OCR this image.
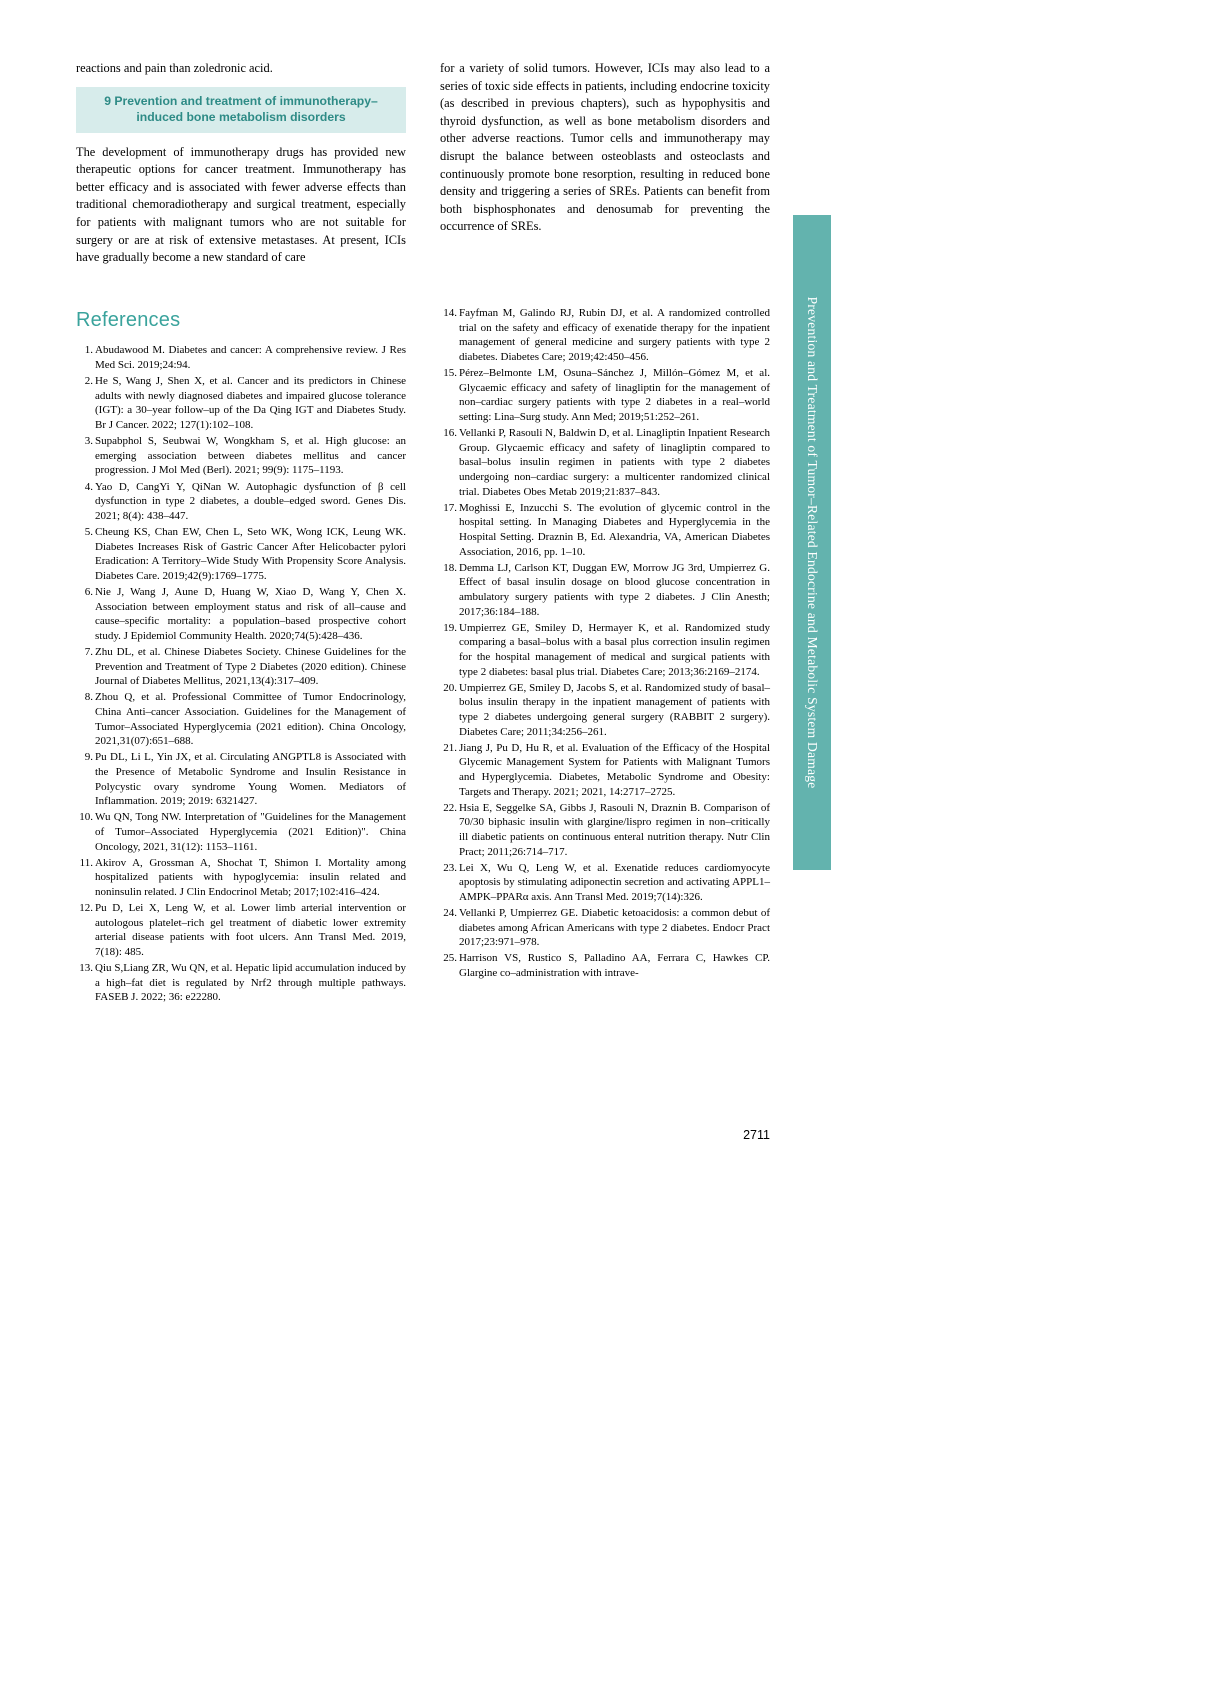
reactions and pain than zoledronic acid.

9 Prevention and treatment of immunotherapy–induced bone metabolism disorders

The development of immunotherapy drugs has provided new therapeutic options for cancer treatment. Immunotherapy has better efficacy and is associated with fewer adverse effects than traditional chemoradiotherapy and surgical treatment, especially for patients with malignant tumors who are not suitable for surgery or are at risk of extensive metastases. At present, ICIs have gradually become a new standard of care

for a variety of solid tumors. However, ICIs may also lead to a series of toxic side effects in patients, including endocrine toxicity (as described in previous chapters), such as hypophysitis and thyroid dysfunction, as well as bone metabolism disorders and other adverse reactions. Tumor cells and immunotherapy may disrupt the balance between osteoblasts and osteoclasts and continuously promote bone resorption, resulting in reduced bone density and triggering a series of SREs. Patients can benefit from both bisphosphonates and denosumab for preventing the occurrence of SREs.

References
1. Abudawood M. Diabetes and cancer: A comprehensive review. J Res Med Sci. 2019;24:94.
2. He S, Wang J, Shen X, et al. Cancer and its predictors in Chinese adults with newly diagnosed diabetes and impaired glucose tolerance (IGT): a 30–year follow–up of the Da Qing IGT and Diabetes Study. Br J Cancer. 2022; 127(1):102–108.
3. Supabphol S, Seubwai W, Wongkham S, et al. High glucose: an emerging association between diabetes mellitus and cancer progression. J Mol Med (Berl). 2021; 99(9): 1175–1193.
4. Yao D, CangYi Y, QiNan W. Autophagic dysfunction of β cell dysfunction in type 2 diabetes, a double–edged sword. Genes Dis. 2021; 8(4): 438–447.
5. Cheung KS, Chan EW, Chen L, Seto WK, Wong ICK, Leung WK. Diabetes Increases Risk of Gastric Cancer After Helicobacter pylori Eradication: A Territory–Wide Study With Propensity Score Analysis. Diabetes Care. 2019;42(9):1769–1775.
6. Nie J, Wang J, Aune D, Huang W, Xiao D, Wang Y, Chen X. Association between employment status and risk of all–cause and cause–specific mortality: a population–based prospective cohort study. J Epidemiol Community Health. 2020;74(5):428–436.
7. Zhu DL, et al. Chinese Diabetes Society. Chinese Guidelines for the Prevention and Treatment of Type 2 Diabetes (2020 edition). Chinese Journal of Diabetes Mellitus, 2021,13(4):317–409.
8. Zhou Q, et al. Professional Committee of Tumor Endocrinology, China Anti–cancer Association. Guidelines for the Management of Tumor–Associated Hyperglycemia (2021 edition). China Oncology, 2021,31(07):651–688.
9. Pu DL, Li L, Yin JX, et al. Circulating ANGPTL8 is Associated with the Presence of Metabolic Syndrome and Insulin Resistance in Polycystic ovary syndrome Young Women. Mediators of Inflammation. 2019; 2019: 6321427.
10. Wu QN, Tong NW. Interpretation of "Guidelines for the Management of Tumor–Associated Hyperglycemia (2021 Edition)". China Oncology, 2021, 31(12): 1153–1161.
11. Akirov A, Grossman A, Shochat T, Shimon I. Mortality among hospitalized patients with hypoglycemia: insulin related and noninsulin related. J Clin Endocrinol Metab; 2017;102:416–424.
12. Pu D, Lei X, Leng W, et al. Lower limb arterial intervention or autologous platelet–rich gel treatment of diabetic lower extremity arterial disease patients with foot ulcers. Ann Transl Med. 2019, 7(18): 485.
13. Qiu S,Liang ZR, Wu QN, et al. Hepatic lipid accumulation induced by a high–fat diet is regulated by Nrf2 through multiple pathways. FASEB J. 2022; 36: e22280.
14. Fayfman M, Galindo RJ, Rubin DJ, et al. A randomized controlled trial on the safety and efficacy of exenatide therapy for the inpatient management of general medicine and surgery patients with type 2 diabetes. Diabetes Care; 2019;42:450–456.
15. Pérez–Belmonte LM, Osuna–Sánchez J, Millón–Gómez M, et al. Glycaemic efficacy and safety of linagliptin for the management of non–cardiac surgery patients with type 2 diabetes in a real–world setting: Lina–Surg study. Ann Med; 2019;51:252–261.
16. Vellanki P, Rasouli N, Baldwin D, et al. Linagliptin Inpatient Research Group. Glycaemic efficacy and safety of linagliptin compared to basal–bolus insulin regimen in patients with type 2 diabetes undergoing non–cardiac surgery: a multicenter randomized clinical trial. Diabetes Obes Metab 2019;21:837–843.
17. Moghissi E, Inzucchi S. The evolution of glycemic control in the hospital setting. In Managing Diabetes and Hyperglycemia in the Hospital Setting. Draznin B, Ed. Alexandria, VA, American Diabetes Association, 2016, pp. 1–10.
18. Demma LJ, Carlson KT, Duggan EW, Morrow JG 3rd, Umpierrez G. Effect of basal insulin dosage on blood glucose concentration in ambulatory surgery patients with type 2 diabetes. J Clin Anesth; 2017;36:184–188.
19. Umpierrez GE, Smiley D, Hermayer K, et al. Randomized study comparing a basal–bolus with a basal plus correction insulin regimen for the hospital management of medical and surgical patients with type 2 diabetes: basal plus trial. Diabetes Care; 2013;36:2169–2174.
20. Umpierrez GE, Smiley D, Jacobs S, et al. Randomized study of basal–bolus insulin therapy in the inpatient management of patients with type 2 diabetes undergoing general surgery (RABBIT 2 surgery). Diabetes Care; 2011;34:256–261.
21. Jiang J, Pu D, Hu R, et al. Evaluation of the Efficacy of the Hospital Glycemic Management System for Patients with Malignant Tumors and Hyperglycemia. Diabetes, Metabolic Syndrome and Obesity: Targets and Therapy. 2021; 2021, 14:2717–2725.
22. Hsia E, Seggelke SA, Gibbs J, Rasouli N, Draznin B. Comparison of 70/30 biphasic insulin with glargine/lispro regimen in non–critically ill diabetic patients on continuous enteral nutrition therapy. Nutr Clin Pract; 2011;26:714–717.
23. Lei X, Wu Q, Leng W, et al. Exenatide reduces cardiomyocyte apoptosis by stimulating adiponectin secretion and activating APPL1–AMPK–PPARα axis. Ann Transl Med. 2019;7(14):326.
24. Vellanki P, Umpierrez GE. Diabetic ketoacidosis: a common debut of diabetes among African Americans with type 2 diabetes. Endocr Pract 2017;23:971–978.
25. Harrison VS, Rustico S, Palladino AA, Ferrara C, Hawkes CP. Glargine co–administration with intrave-
Prevention and Treatment of Tumor–Related Endocrine and Metabolic System Damage
2711
